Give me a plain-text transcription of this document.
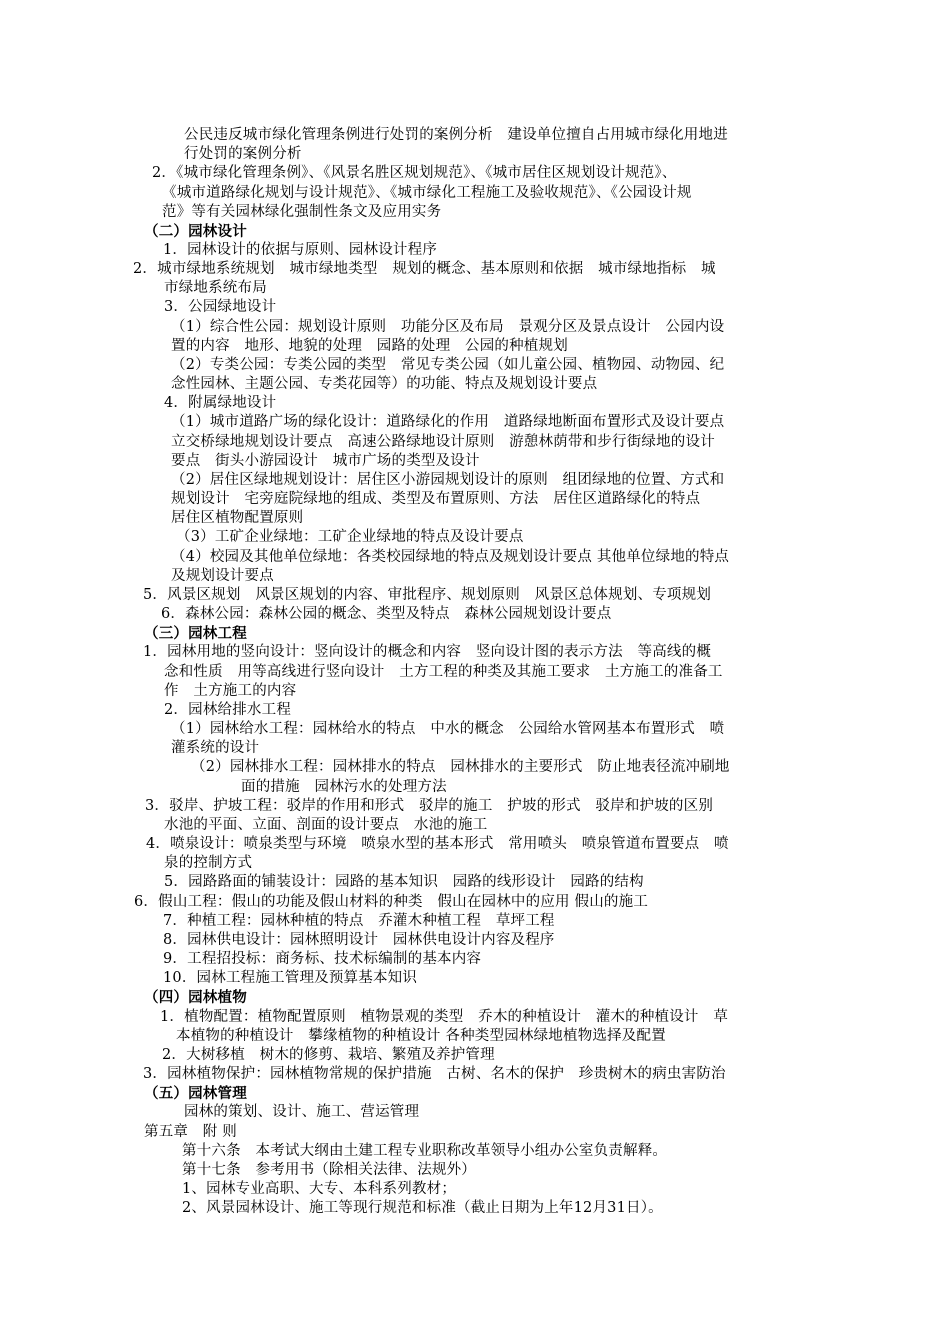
公民违反城市绿化管理条例进行处罚的案例分析　建设单位擅自占用城市绿化用地进
行处罚的案例分析
2．《城市绿化管理条例》、《风景名胜区规划规范》、《城市居住区规划设计规范》、
《城市道路绿化规划与设计规范》、《城市绿化工程施工及验收规范》、《公园设计规
范》等有关园林绿化强制性条文及应用实务
（二）园林设计
1．园林设计的依据与原则、园林设计程序
2．城市绿地系统规划　城市绿地类型　规划的概念、基本原则和依据　城市绿地指标　城
市绿地系统布局
3．公园绿地设计
（1）综合性公园：规划设计原则　功能分区及布局　景观分区及景点设计　公园内设
置的内容　地形、地貌的处理　园路的处理　公园的种植规划
（2）专类公园：专类公园的类型　常见专类公园（如儿童公园、植物园、动物园、纪
念性园林、主题公园、专类花园等）的功能、特点及规划设计要点
4．附属绿地设计
（1）城市道路广场的绿化设计：道路绿化的作用　道路绿地断面布置形式及设计要点
立交桥绿地规划设计要点　高速公路绿地设计原则　游憩林荫带和步行街绿地的设计
要点　街头小游园设计　城市广场的类型及设计
（2）居住区绿地规划设计：居住区小游园规划设计的原则　组团绿地的位置、方式和
规划设计　宅旁庭院绿地的组成、类型及布置原则、方法　居住区道路绿化的特点
居住区植物配置原则
（3）工矿企业绿地：工矿企业绿地的特点及设计要点
（4）校园及其他单位绿地：各类校园绿地的特点及规划设计要点 其他单位绿地的特点
及规划设计要点
5．风景区规划　风景区规划的内容、审批程序、规划原则　风景区总体规划、专项规划
6．森林公园：森林公园的概念、类型及特点　森林公园规划设计要点
（三）园林工程
1．园林用地的竖向设计：竖向设计的概念和内容　竖向设计图的表示方法　等高线的概
念和性质　用等高线进行竖向设计　土方工程的种类及其施工要求　土方施工的准备工
作　土方施工的内容
2．园林给排水工程
（1）园林给水工程：园林给水的特点　中水的概念　公园给水管网基本布置形式　喷
灌系统的设计
（2）园林排水工程：园林排水的特点　园林排水的主要形式　防止地表径流冲刷地
面的措施　园林污水的处理方法
3．驳岸、护坡工程：驳岸的作用和形式　驳岸的施工　护坡的形式　驳岸和护坡的区别
水池的平面、立面、剖面的设计要点　水池的施工
4．喷泉设计：喷泉类型与环境　喷泉水型的基本形式　常用喷头　喷泉管道布置要点　喷
泉的控制方式
5．园路路面的铺装设计：园路的基本知识　园路的线形设计　园路的结构
6．假山工程：假山的功能及假山材料的种类　假山在园林中的应用 假山的施工
7．种植工程：园林种植的特点　乔灌木种植工程　草坪工程
8．园林供电设计：园林照明设计　园林供电设计内容及程序
9．工程招投标：商务标、技术标编制的基本内容
10．园林工程施工管理及预算基本知识
（四）园林植物
1．植物配置：植物配置原则　植物景观的类型　乔木的种植设计　灌木的种植设计　草
本植物的种植设计　攀缘植物的种植设计 各种类型园林绿地植物选择及配置
2．大树移植　树木的修剪、栽培、繁殖及养护管理
3．园林植物保护：园林植物常规的保护措施　古树、名木的保护　珍贵树木的病虫害防治
（五）园林管理
园林的策划、设计、施工、营运管理
第五章　附 则
第十六条　本考试大纲由土建工程专业职称改革领导小组办公室负责解释。
第十七条　参考用书（除相关法律、法规外）
1、园林专业高职、大专、本科系列教材；
2、风景园林设计、施工等现行规范和标准（截止日期为上年12月31日）。
